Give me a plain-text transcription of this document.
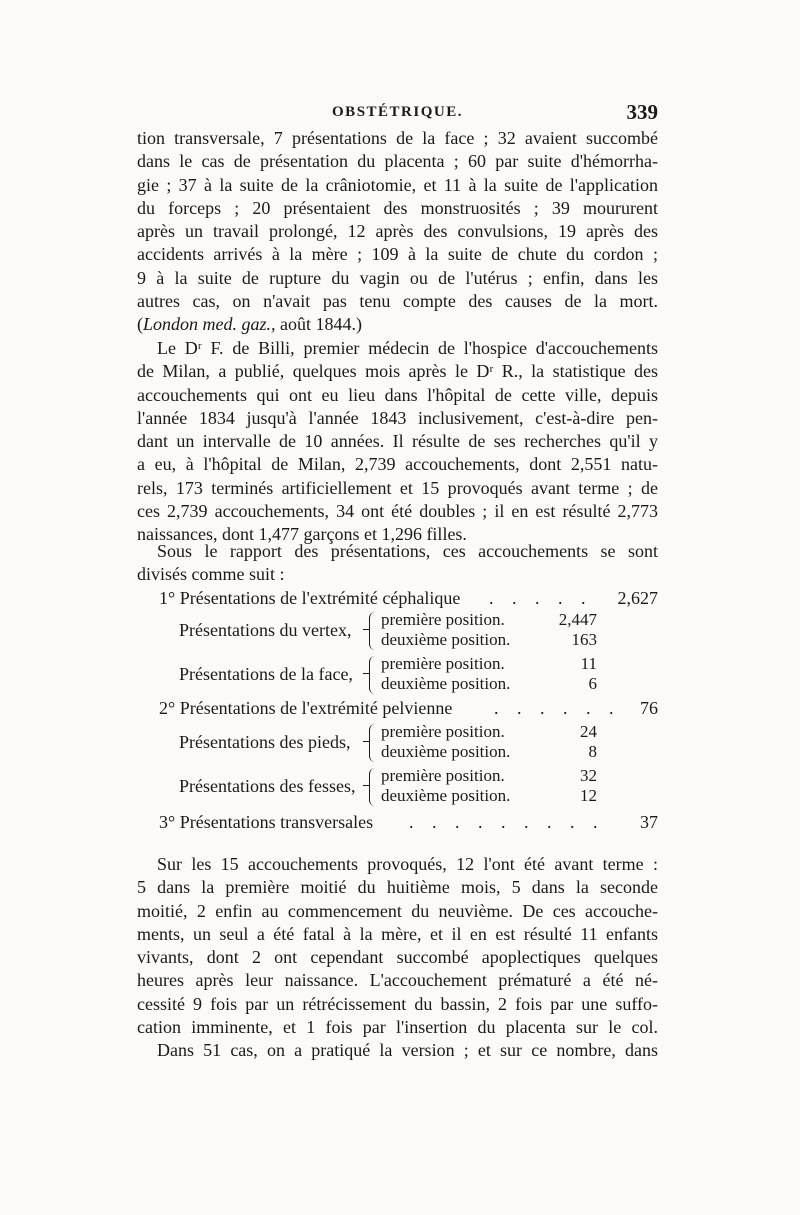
OBSTÉTRIQUE.	339
tion transversale, 7 présentations de la face ; 32 avaient succombé
dans le cas de présentation du placenta ; 60 par suite d'hémorrha-
gie ; 37 à la suite de la crâniotomie, et 11 à la suite de l'application
du forceps ; 20 présentaient des monstruosités ; 39 moururent
après un travail prolongé, 12 après des convulsions, 19 après des
accidents arrivés à la mère ; 109 à la suite de chute du cordon ;
9 à la suite de rupture du vagin ou de l'utérus ; enfin, dans les
autres cas, on n'avait pas tenu compte des causes de la mort.
(London med. gaz., août 1844.)
Le Dʳ F. de Billi, premier médecin de l'hospice d'accouchements
de Milan, a publié, quelques mois après le Dʳ R., la statistique des
accouchements qui ont eu lieu dans l'hôpital de cette ville, depuis
l'année 1834 jusqu'à l'année 1843 inclusivement, c'est-à-dire pen-
dant un intervalle de 10 années. Il résulte de ses recherches qu'il y
a eu, à l'hôpital de Milan, 2,739 accouchements, dont 2,551 natu-
rels, 173 terminés artificiellement et 15 provoqués avant terme ; de
ces 2,739 accouchements, 34 ont été doubles ; il en est résulté 2,773
naissances, dont 1,477 garçons et 1,296 filles.
Sous le rapport des présentations, ces accouchements se sont
divisés comme suit :
1° Présentations de l'extrémité céphalique . . . . . 2,627
Présentations du vertex,
première position.
deuxième position.
2,447
163
Présentations de la face,
première position.
deuxième position.
11
6
2° Présentations de l'extrémité pelvienne . . . . . . 76
Présentations des pieds,
première position.
deuxième position.
24
8
Présentations des fesses,
première position.
deuxième position.
32
12
3° Présentations transversales . . . . . . . . . 37
Sur les 15 accouchements provoqués, 12 l'ont été avant terme :
5 dans la première moitié du huitième mois, 5 dans la seconde
moitié, 2 enfin au commencement du neuvième. De ces accouche-
ments, un seul a été fatal à la mère, et il en est résulté 11 enfants
vivants, dont 2 ont cependant succombé apoplectiques quelques
heures après leur naissance. L'accouchement prématuré a été né-
cessité 9 fois par un rétrécissement du bassin, 2 fois par une suffo-
cation imminente, et 1 fois par l'insertion du placenta sur le col.
Dans 51 cas, on a pratiqué la version ; et sur ce nombre, dans
